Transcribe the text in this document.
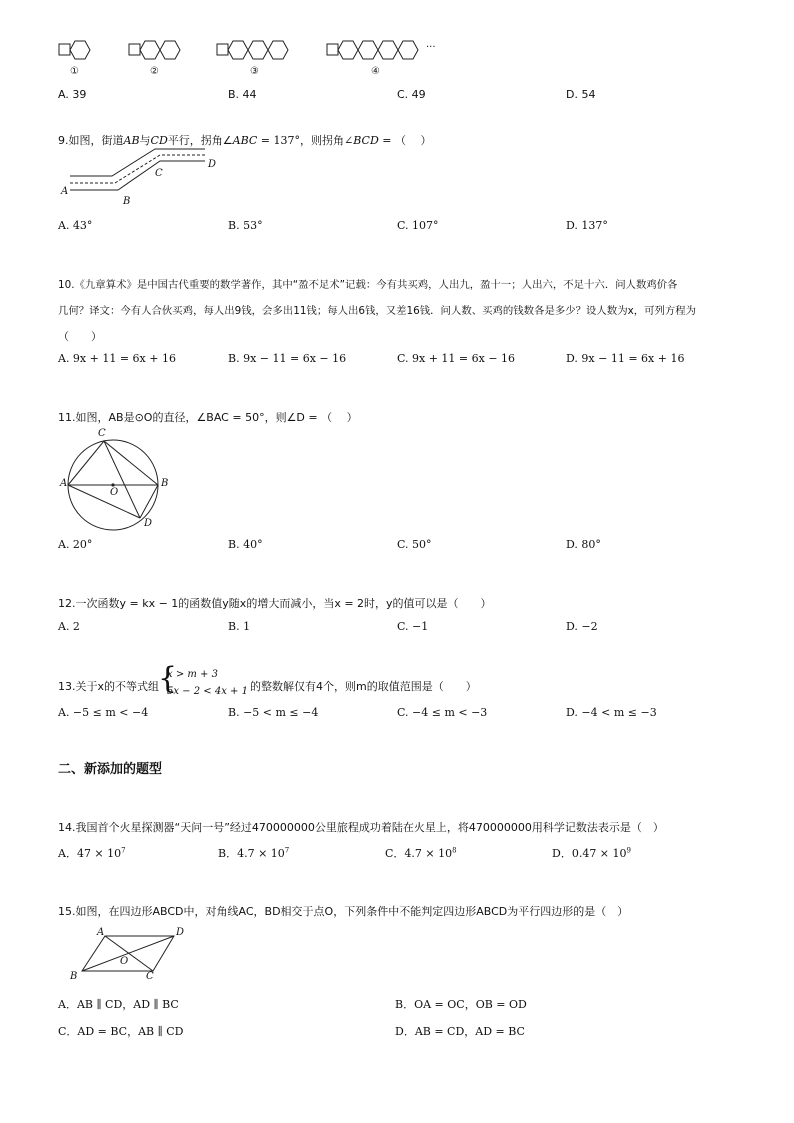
···
①	②	③	④
A. 39	B. 44	C. 49	D. 54
9.如图，街道AB与CD平行，拐角∠ABC = 137°，则拐角∠BCD = （　 ）
A
B
C
D
A. 43°	B. 53°	C. 107°	D. 137°
10.《九章算术》是中国古代重要的数学著作，其中“盈不足术”记载：今有共买鸡，人出九，盈十一；人出六，不足十六．问人数鸡价各
几何？译文：今有人合伙买鸡，每人出9钱，会多出11钱；每人出6钱，又差16钱．问人数、买鸡的钱数各是多少？设人数为x，可列方程为
（　　）
A. 9x + 11 = 6x + 16	B. 9x − 11 = 6x − 16	C. 9x + 11 = 6x − 16	D. 9x − 11 = 6x + 16
11.如图，AB是⊙O的直径，∠BAC = 50°，则∠D = （　 ）
C
A
O
B
D
A. 20°	B. 40°	C. 50°	D. 80°
12.一次函数y = kx − 1的函数值y随x的增大而减小，当x = 2时，y的值可以是（　　）
A. 2	B. 1	C. −1	D. −2
13.关于x的不等式组
{
x > m + 3
5x − 2 < 4x + 1 的整数解仅有4个，则m的取值范围是（　　）
A. −5 ≤ m < −4	B. −5 < m ≤ −4	C. −4 ≤ m < −3	D. −4 < m ≤ −3
二、新添加的题型
14.我国首个火星探测器“天问一号”经过470000000公里旅程成功着陆在火星上，将470000000用科学记数法表示是（　）
A．$47 \times 10^7$	B．$4.7 \times 10^7$	C．$4.7 \times 10^8$	D．$0.47 \times 10^9$
15.如图，在四边形ABCD中，对角线AC，BD相交于点O，下列条件中不能判定四边形ABCD为平行四边形的是（　）
A	D
O
B	C
A．AB ∥ CD，AD ∥ BC	B．OA = OC，OB = OD
C．AD = BC，AB ∥ CD	D．AB = CD，AD = BC
